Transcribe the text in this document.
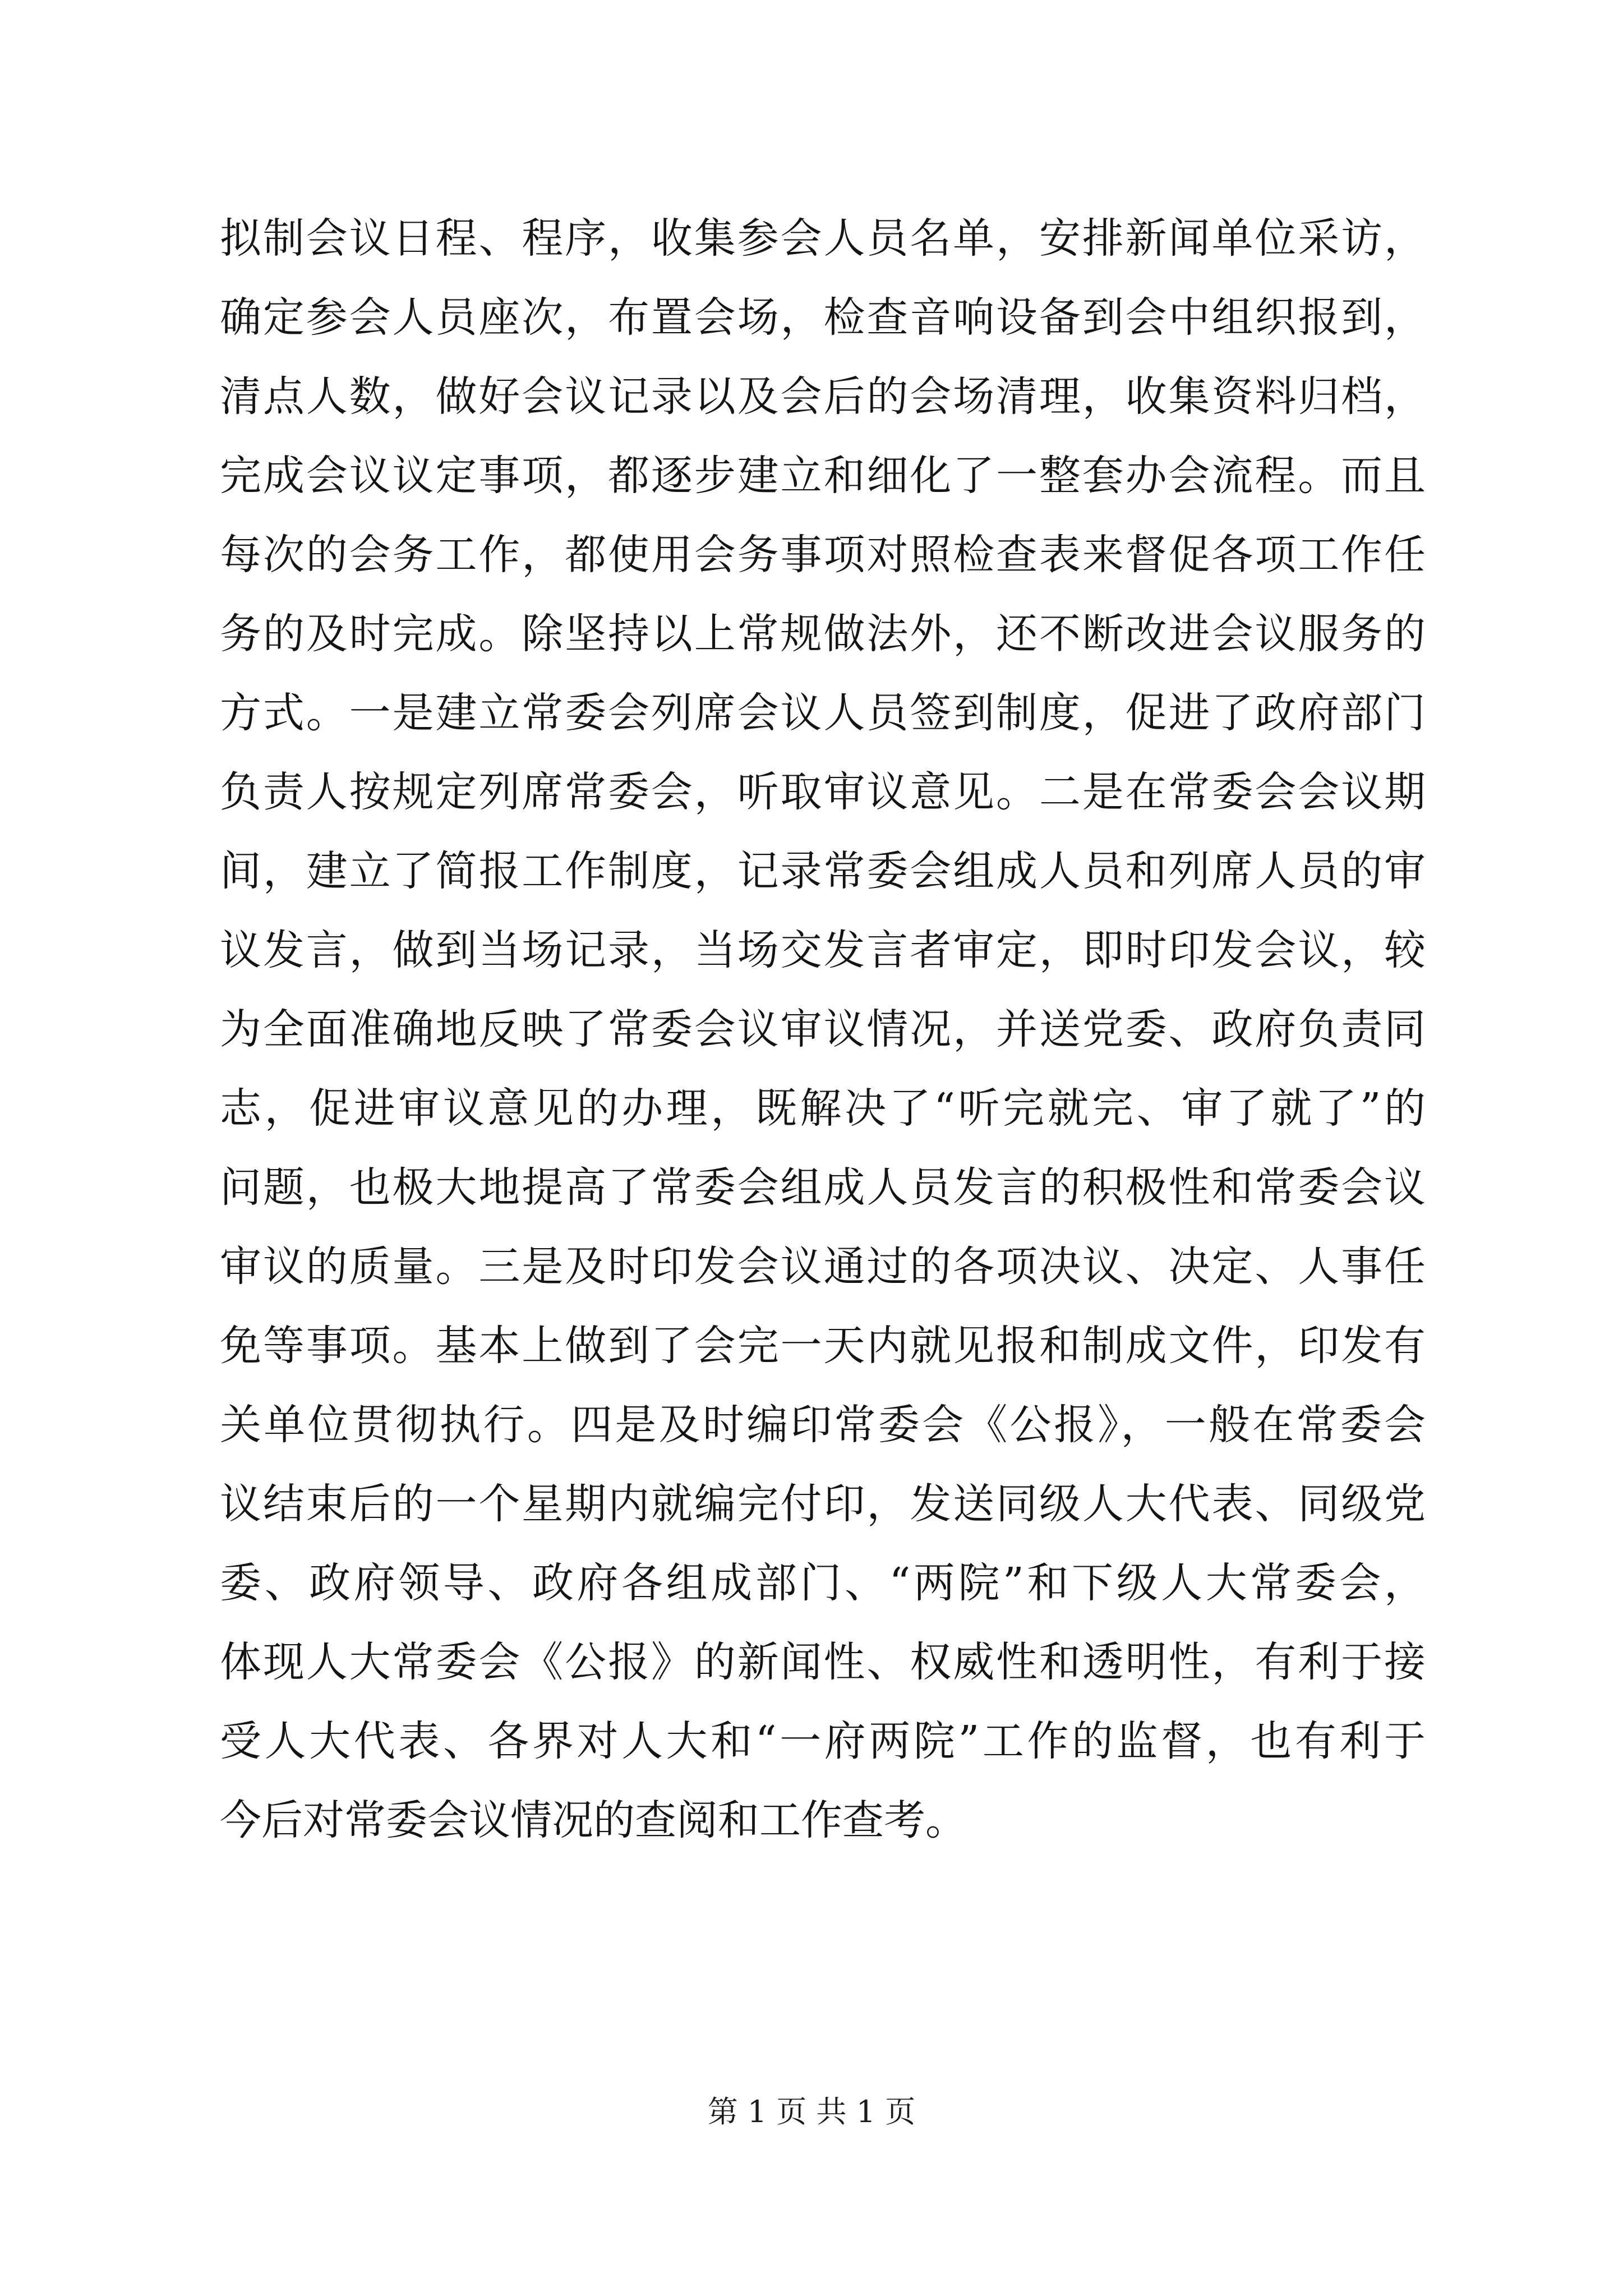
拟制会议日程、程序，收集参会人员名单，安排新闻单位采访，
确定参会人员座次，布置会场，检查音响设备到会中组织报到，
清点人数，做好会议记录以及会后的会场清理，收集资料归档，
完成会议议定事项，都逐步建立和细化了一整套办会流程。而且
每次的会务工作，都使用会务事项对照检查表来督促各项工作任
务的及时完成。除坚持以上常规做法外，还不断改进会议服务的
方式。一是建立常委会列席会议人员签到制度，促进了政府部门
负责人按规定列席常委会，听取审议意见。二是在常委会会议期
间，建立了简报工作制度，记录常委会组成人员和列席人员的审
议发言，做到当场记录，当场交发言者审定，即时印发会议，较
为全面准确地反映了常委会议审议情况，并送党委、政府负责同
志，促进审议意见的办理，既解决了“听完就完、审了就了”的
问题，也极大地提高了常委会组成人员发言的积极性和常委会议
审议的质量。三是及时印发会议通过的各项决议、决定、人事任
免等事项。基本上做到了会完一天内就见报和制成文件，印发有
关单位贯彻执行。四是及时编印常委会《公报》，一般在常委会
议结束后的一个星期内就编完付印，发送同级人大代表、同级党
委、政府领导、政府各组成部门、“两院”和下级人大常委会，
体现人大常委会《公报》的新闻性、权威性和透明性，有利于接
受人大代表、各界对人大和“一府两院”工作的监督，也有利于
今后对常委会议情况的查阅和工作查考。
第 1 页 共 1 页
